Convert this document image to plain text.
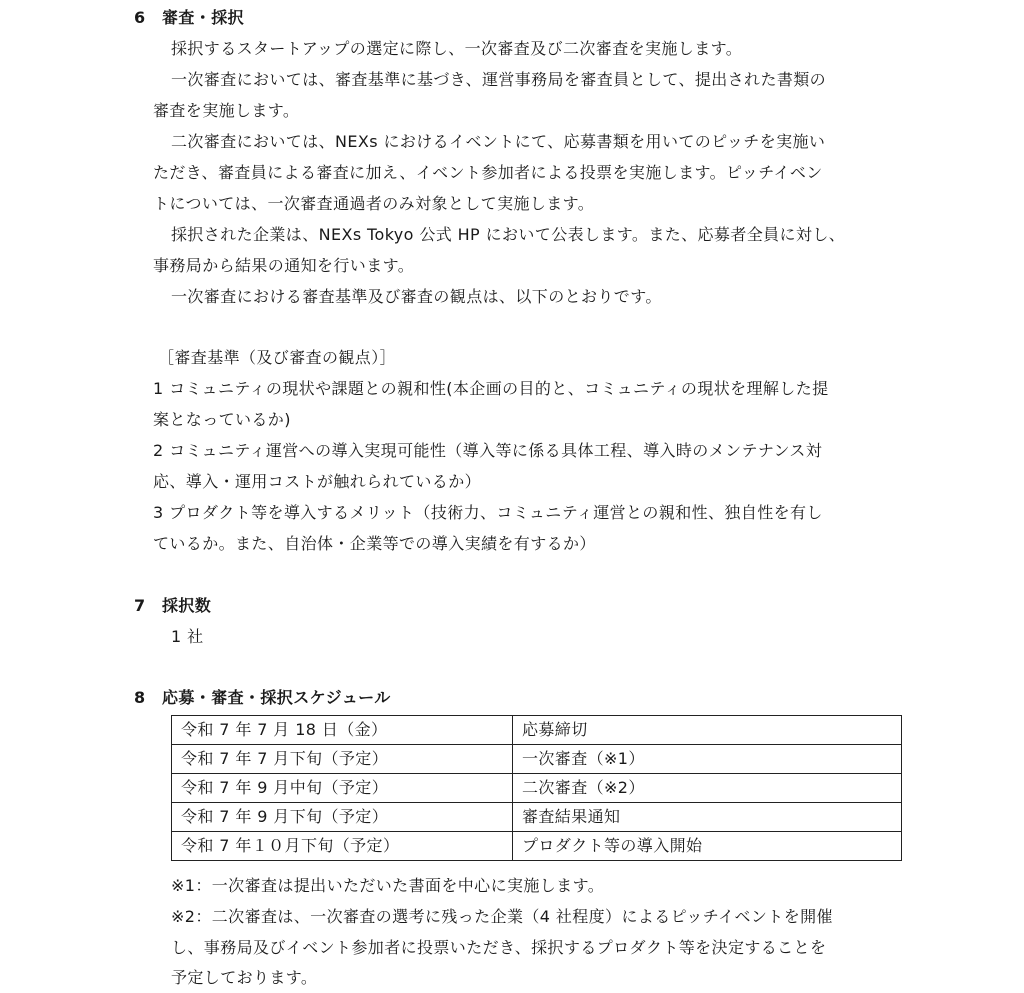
6 審査・採択
採択するスタートアップの選定に際し、一次審査及び二次審査を実施します。
一次審査においては、審査基準に基づき、運営事務局を審査員として、提出された書類の
審査を実施します。
二次審査においては、NEXs におけるイベントにて、応募書類を用いてのピッチを実施い
ただき、審査員による審査に加え、イベント参加者による投票を実施します。ピッチイベン
トについては、一次審査通過者のみ対象として実施します。
採択された企業は、NEXs Tokyo 公式 HP において公表します。また、応募者全員に対し、
事務局から結果の通知を行います。
一次審査における審査基準及び審査の観点は、以下のとおりです。
［審査基準（及び審査の観点）］
1 コミュニティの現状や課題との親和性(本企画の目的と、コミュニティの現状を理解した提
案となっているか)
2 コミュニティ運営への導入実現可能性（導入等に係る具体工程、導入時のメンテナンス対
応、導入・運用コストが触れられているか）
3 プロダクト等を導入するメリット（技術力、コミュニティ運営との親和性、独自性を有し
ているか。また、自治体・企業等での導入実績を有するか）
7 採択数
1 社
8 応募・審査・採択スケジュール
令和 7 年 7 月 18 日（金）	応募締切
令和 7 年 7 月下旬（予定）	一次審査（※1）
令和 7 年 9 月中旬（予定）	二次審査（※2）
令和 7 年 9 月下旬（予定）	審査結果通知
令和 7 年１０月下旬（予定）	プロダクト等の導入開始
※1：一次審査は提出いただいた書面を中心に実施します。
※2：二次審査は、一次審査の選考に残った企業（4 社程度）によるピッチイベントを開催
し、事務局及びイベント参加者に投票いただき、採択するプロダクト等を決定することを
予定しております。
